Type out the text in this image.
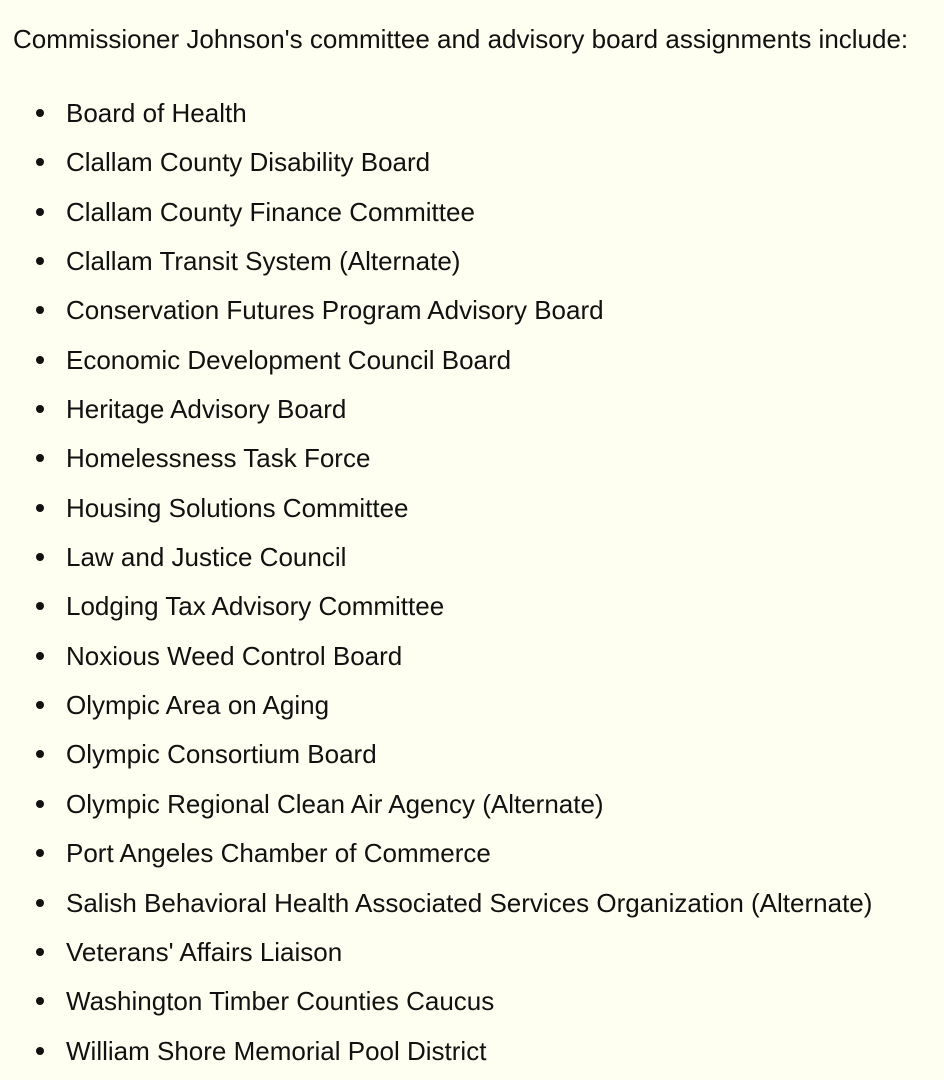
Commissioner Johnson's committee and advisory board assignments include:

Board of Health
Clallam County Disability Board
Clallam County Finance Committee
Clallam Transit System (Alternate)
Conservation Futures Program Advisory Board
Economic Development Council Board
Heritage Advisory Board
Homelessness Task Force
Housing Solutions Committee
Law and Justice Council
Lodging Tax Advisory Committee
Noxious Weed Control Board
Olympic Area on Aging
Olympic Consortium Board
Olympic Regional Clean Air Agency (Alternate)
Port Angeles Chamber of Commerce
Salish Behavioral Health Associated Services Organization (Alternate)
Veterans' Affairs Liaison
Washington Timber Counties Caucus
William Shore Memorial Pool District
